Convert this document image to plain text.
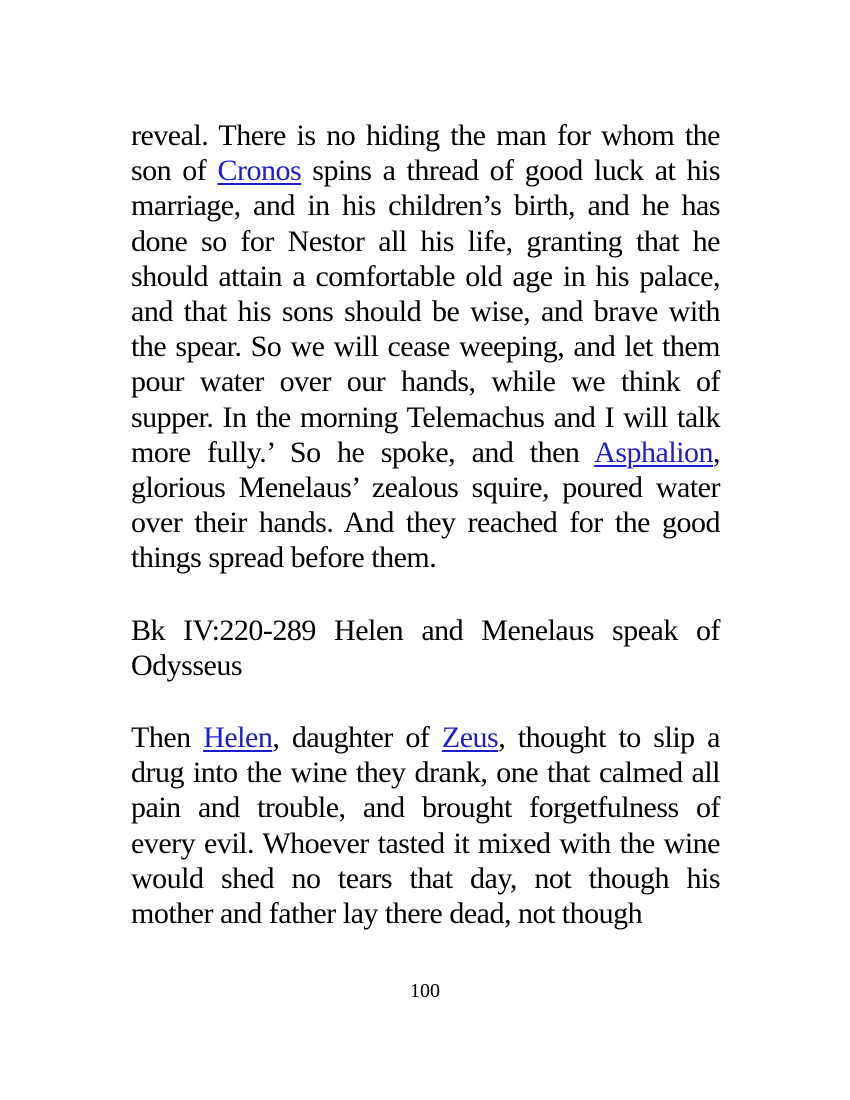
reveal. There is no hiding the man for whom the son of Cronos spins a thread of good luck at his marriage, and in his children’s birth, and he has done so for Nestor all his life, granting that he should attain a comfortable old age in his palace, and that his sons should be wise, and brave with the spear. So we will cease weeping, and let them pour water over our hands, while we think of supper. In the morning Telemachus and I will talk more fully.’ So he spoke, and then Asphalion, glorious Menelaus’ zealous squire, poured water over their hands. And they reached for the good things spread before them.

Bk IV:220-289 Helen and Menelaus speak of Odysseus

Then Helen, daughter of Zeus, thought to slip a drug into the wine they drank, one that calmed all pain and trouble, and brought forgetfulness of every evil. Whoever tasted it mixed with the wine would shed no tears that day, not though his mother and father lay there dead, not though

100
